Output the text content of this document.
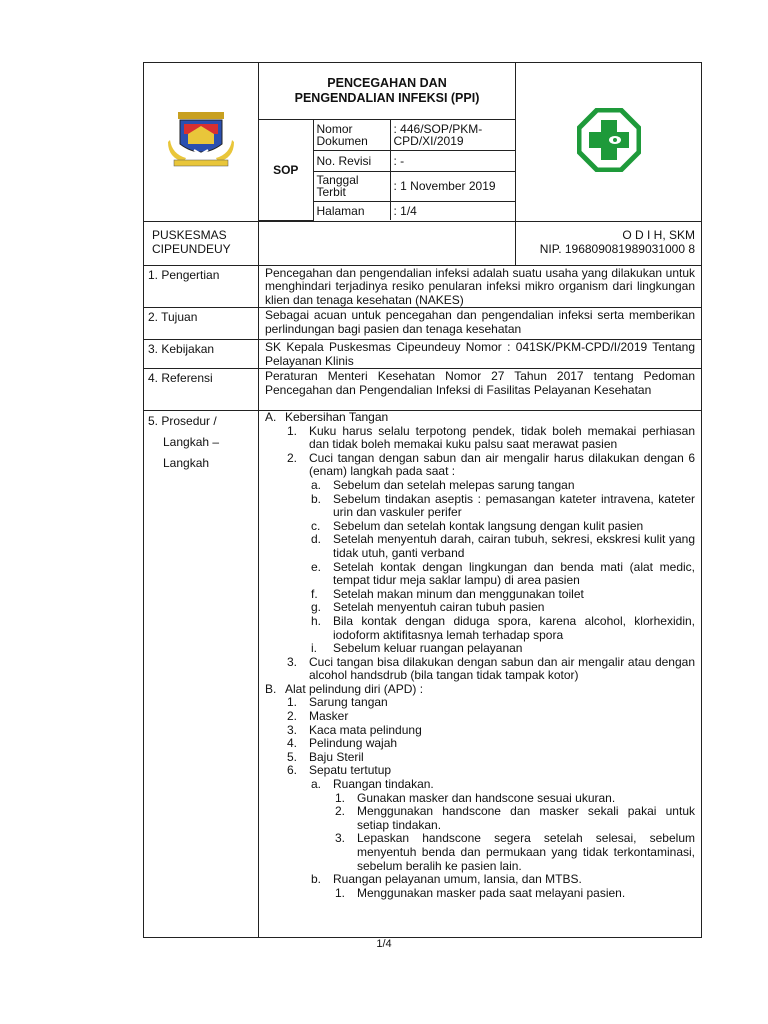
PENCEGAHAN DAN
PENGENDALIAN INFEKSI (PPI)

SOP	Nomor Dokumen	: 446/SOP/PKM-CPD/XI/2019
No. Revisi	: -
Tanggal Terbit	: 1 November 2019
Halaman	: 1/4

PUSKESMAS
CIPEUNDEUY

O D I H, SKM
NIP. 196809081989031000 8

1. Pengertian	Pencegahan dan pengendalian infeksi adalah suatu usaha yang dilakukan untuk menghindari terjadinya resiko penularan infeksi mikro organism dari lingkungan klien dan tenaga kesehatan (NAKES)
2. Tujuan	Sebagai acuan untuk pencegahan dan pengendalian infeksi serta memberikan perlindungan bagi pasien dan tenaga kesehatan
3. Kebijakan	SK Kepala Puskesmas Cipeundeuy Nomor : 041SK/PKM-CPD/I/2019 Tentang Pelayanan Klinis
4. Referensi	Peraturan Menteri Kesehatan Nomor 27 Tahun 2017 tentang Pedoman Pencegahan dan Pengendalian Infeksi di Fasilitas Pelayanan Kesehatan

5. Prosedur /
Langkah –
Langkah

A. Kebersihan Tangan
1. Kuku harus selalu terpotong pendek, tidak boleh memakai perhiasan dan tidak boleh memakai kuku palsu saat merawat pasien
2. Cuci tangan dengan sabun dan air mengalir harus dilakukan dengan 6 (enam) langkah pada saat :
a. Sebelum dan setelah melepas sarung tangan
b. Sebelum tindakan aseptis : pemasangan kateter intravena, kateter urin dan vaskuler perifer
c.	Sebelum dan setelah kontak langsung dengan kulit pasien
d. Setelah menyentuh darah, cairan tubuh, sekresi, ekskresi kulit yang tidak utuh, ganti verband
e. Setelah kontak dengan lingkungan dan benda mati (alat medic, tempat tidur meja saklar lampu) di area pasien
f.	Setelah makan minum dan menggunakan toilet
g. Setelah menyentuh cairan tubuh pasien
h. Bila kontak dengan diduga spora, karena alcohol, klorhexidin, iodoform aktifitasnya lemah terhadap spora
i.	Sebelum keluar ruangan pelayanan
3. Cuci tangan bisa dilakukan dengan sabun dan air mengalir atau dengan alcohol handsdrub (bila tangan tidak tampak kotor)
B. Alat pelindung diri (APD) :
1. Sarung tangan
2. Masker
3. Kaca mata pelindung
4. Pelindung wajah
5. Baju Steril
6. Sepatu tertutup
a. Ruangan tindakan.
1. Gunakan masker dan handscone sesuai ukuran.
2. Menggunakan handscone dan masker sekali pakai untuk setiap tindakan.
3. Lepaskan handscone segera setelah selesai, sebelum menyentuh benda dan permukaan yang tidak terkontaminasi, sebelum beralih ke pasien lain.
b. Ruangan pelayanan umum, lansia, dan MTBS.
1. Menggunakan masker pada saat melayani pasien.
1/4
